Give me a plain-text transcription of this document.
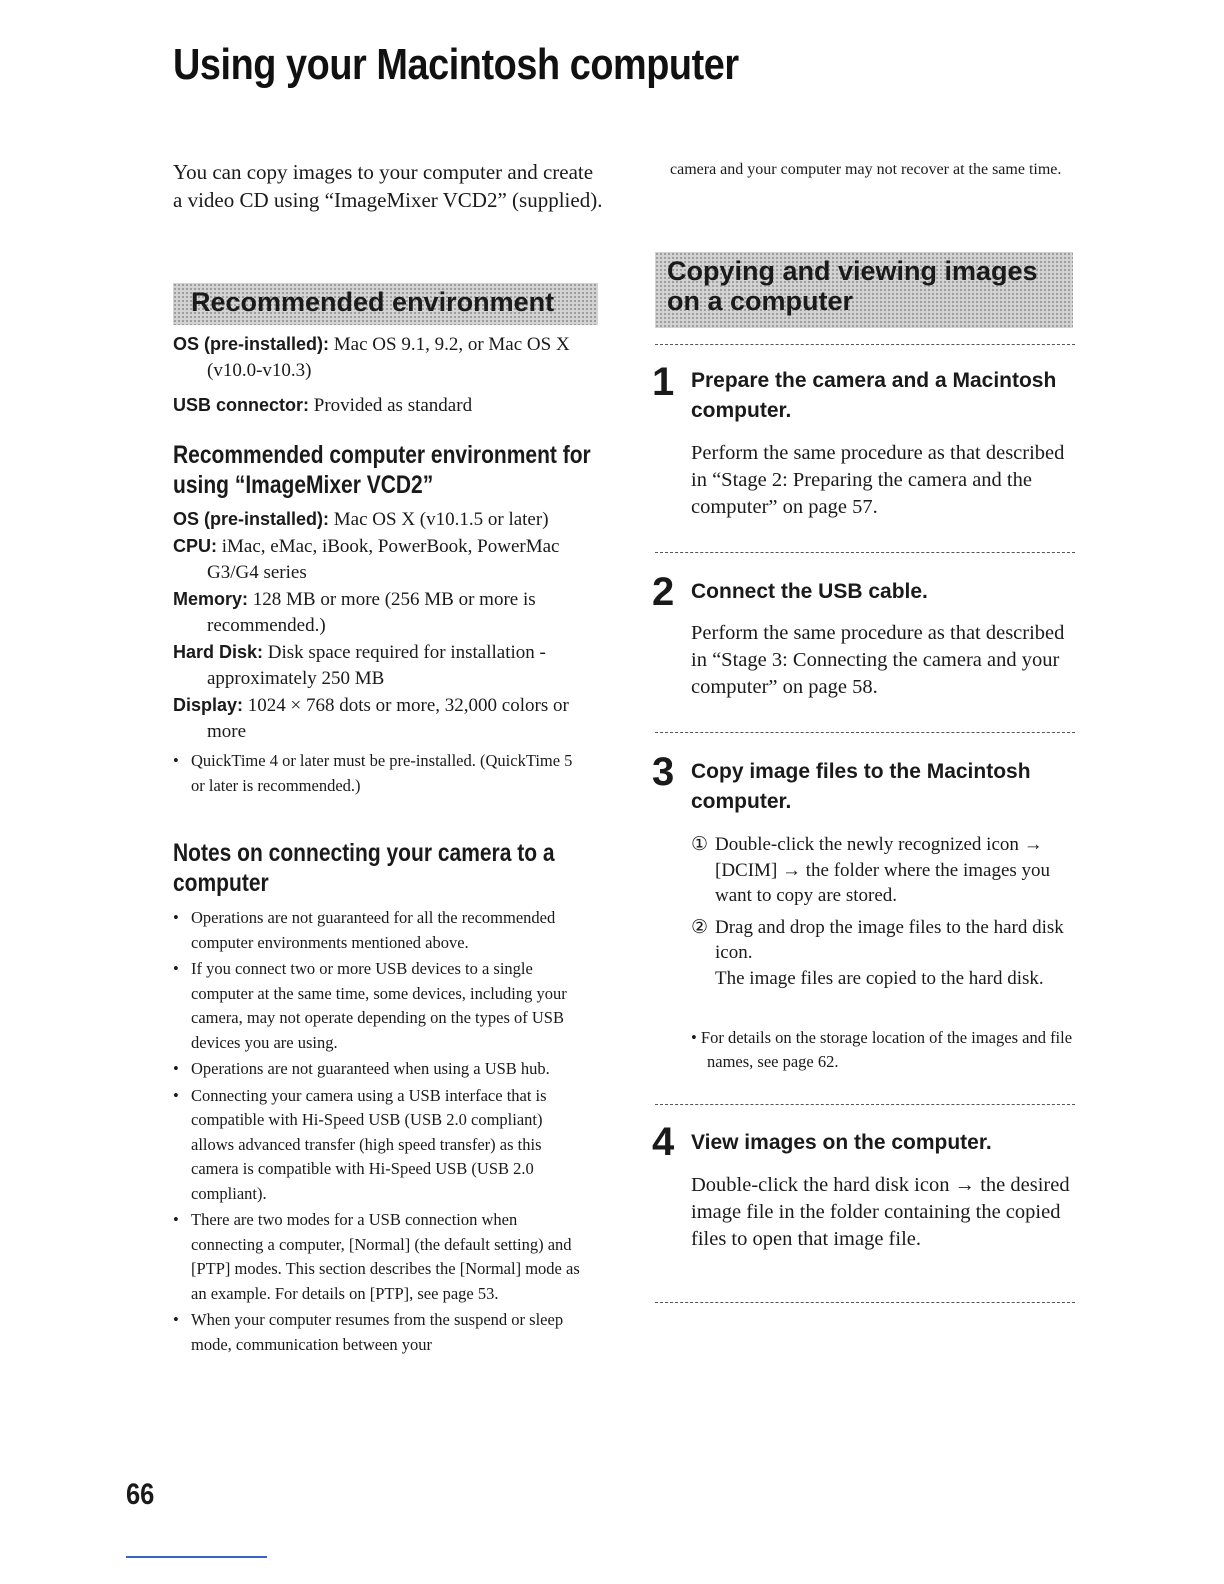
Using your Macintosh computer

You can copy images to your computer and create a video CD using “ImageMixer VCD2” (supplied).

camera and your computer may not recover at the same time.

Recommended environment

OS (pre-installed): Mac OS 9.1, 9.2, or Mac OS X (v10.0-v10.3)

USB connector: Provided as standard

Recommended computer environment for using “ImageMixer VCD2”

OS (pre-installed): Mac OS X (v10.1.5 or later)

CPU: iMac, eMac, iBook, PowerBook, PowerMac G3/G4 series

Memory: 128 MB or more (256 MB or more is recommended.)

Hard Disk: Disk space required for installation - approximately 250 MB

Display: 1024 × 768 dots or more, 32,000 colors or more

• QuickTime 4 or later must be pre-installed. (QuickTime 5 or later is recommended.)
Notes on connecting your camera to a computer
• Operations are not guaranteed for all the recommended computer environments mentioned above.
• If you connect two or more USB devices to a single computer at the same time, some devices, including your camera, may not operate depending on the types of USB devices you are using.
• Operations are not guaranteed when using a USB hub.
• Connecting your camera using a USB interface that is compatible with Hi-Speed USB (USB 2.0 compliant) allows advanced transfer (high speed transfer) as this camera is compatible with Hi-Speed USB (USB 2.0 compliant).
• There are two modes for a USB connection when connecting a computer, [Normal] (the default setting) and [PTP] modes. This section describes the [Normal] mode as an example. For details on [PTP], see page 53.
• When your computer resumes from the suspend or sleep mode, communication between your
Copying and viewing images on a computer
1 Prepare the camera and a Macintosh computer.

Perform the same procedure as that described in “Stage 2: Preparing the camera and the computer” on page 57.

2 Connect the USB cable.

Perform the same procedure as that described in “Stage 3: Connecting the camera and your computer” on page 58.

3 Copy image files to the Macintosh computer.

① Double-click the newly recognized icon → [DCIM] → the folder where the images you want to copy are stored.
② Drag and drop the image files to the hard disk icon.
The image files are copied to the hard disk.

• For details on the storage location of the images and file names, see page 62.

4 View images on the computer.

Double-click the hard disk icon → the desired image file in the folder containing the copied files to open that image file.

66
